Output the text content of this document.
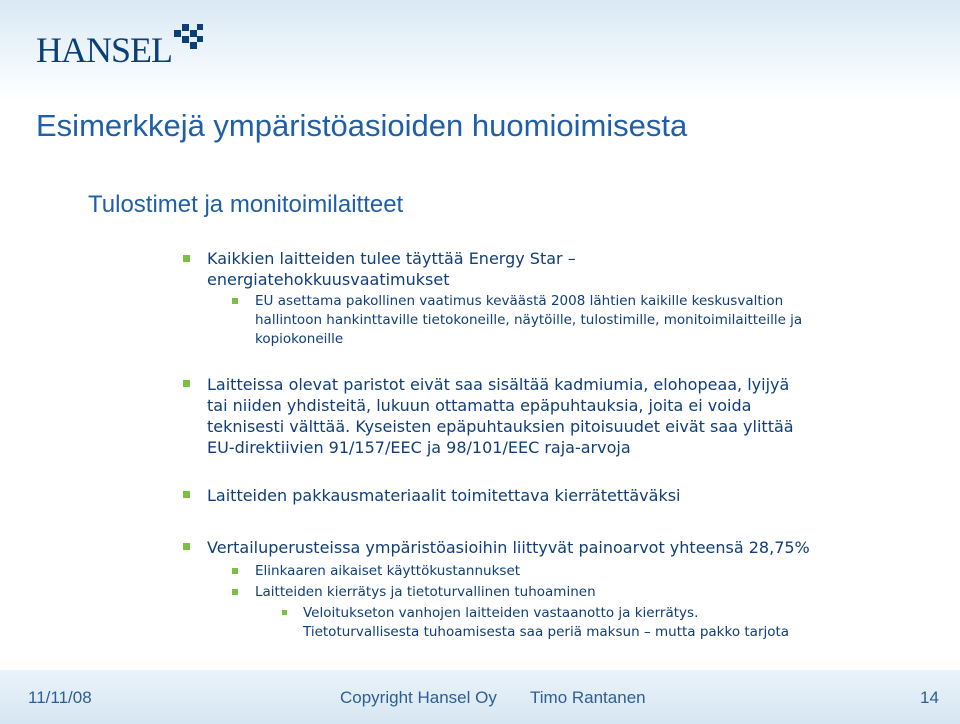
HANSEL
Esimerkkejä ympäristöasioiden huomioimisesta
Tulostimet ja monitoimilaitteet
Kaikkien laitteiden tulee täyttää Energy Star –
energiatehokkuusvaatimukset
EU asettama pakollinen vaatimus keväästä 2008 lähtien kaikille keskusvaltion
hallintoon hankinttaville tietokoneille, näytöille, tulostimille, monitoimilaitteille ja
kopiokoneille
Laitteissa olevat paristot eivät saa sisältää kadmiumia, elohopeaa, lyijyä
tai niiden yhdisteitä, lukuun ottamatta epäpuhtauksia, joita ei voida
teknisesti välttää. Kyseisten epäpuhtauksien pitoisuudet eivät saa ylittää
EU-direktiivien 91/157/EEC ja 98/101/EEC raja-arvoja
Laitteiden pakkausmateriaalit toimitettava kierrätettäväksi
Vertailuperusteissa ympäristöasioihin liittyvät painoarvot yhteensä 28,75%
Elinkaaren aikaiset käyttökustannukset
Laitteiden kierrätys ja tietoturvallinen tuhoaminen
Veloitukseton vanhojen laitteiden vastaanotto ja kierrätys.
Tietoturvallisesta tuhoamisesta saa periä maksun – mutta pakko tarjota
11/11/08	Copyright Hansel Oy Timo Rantanen	14
